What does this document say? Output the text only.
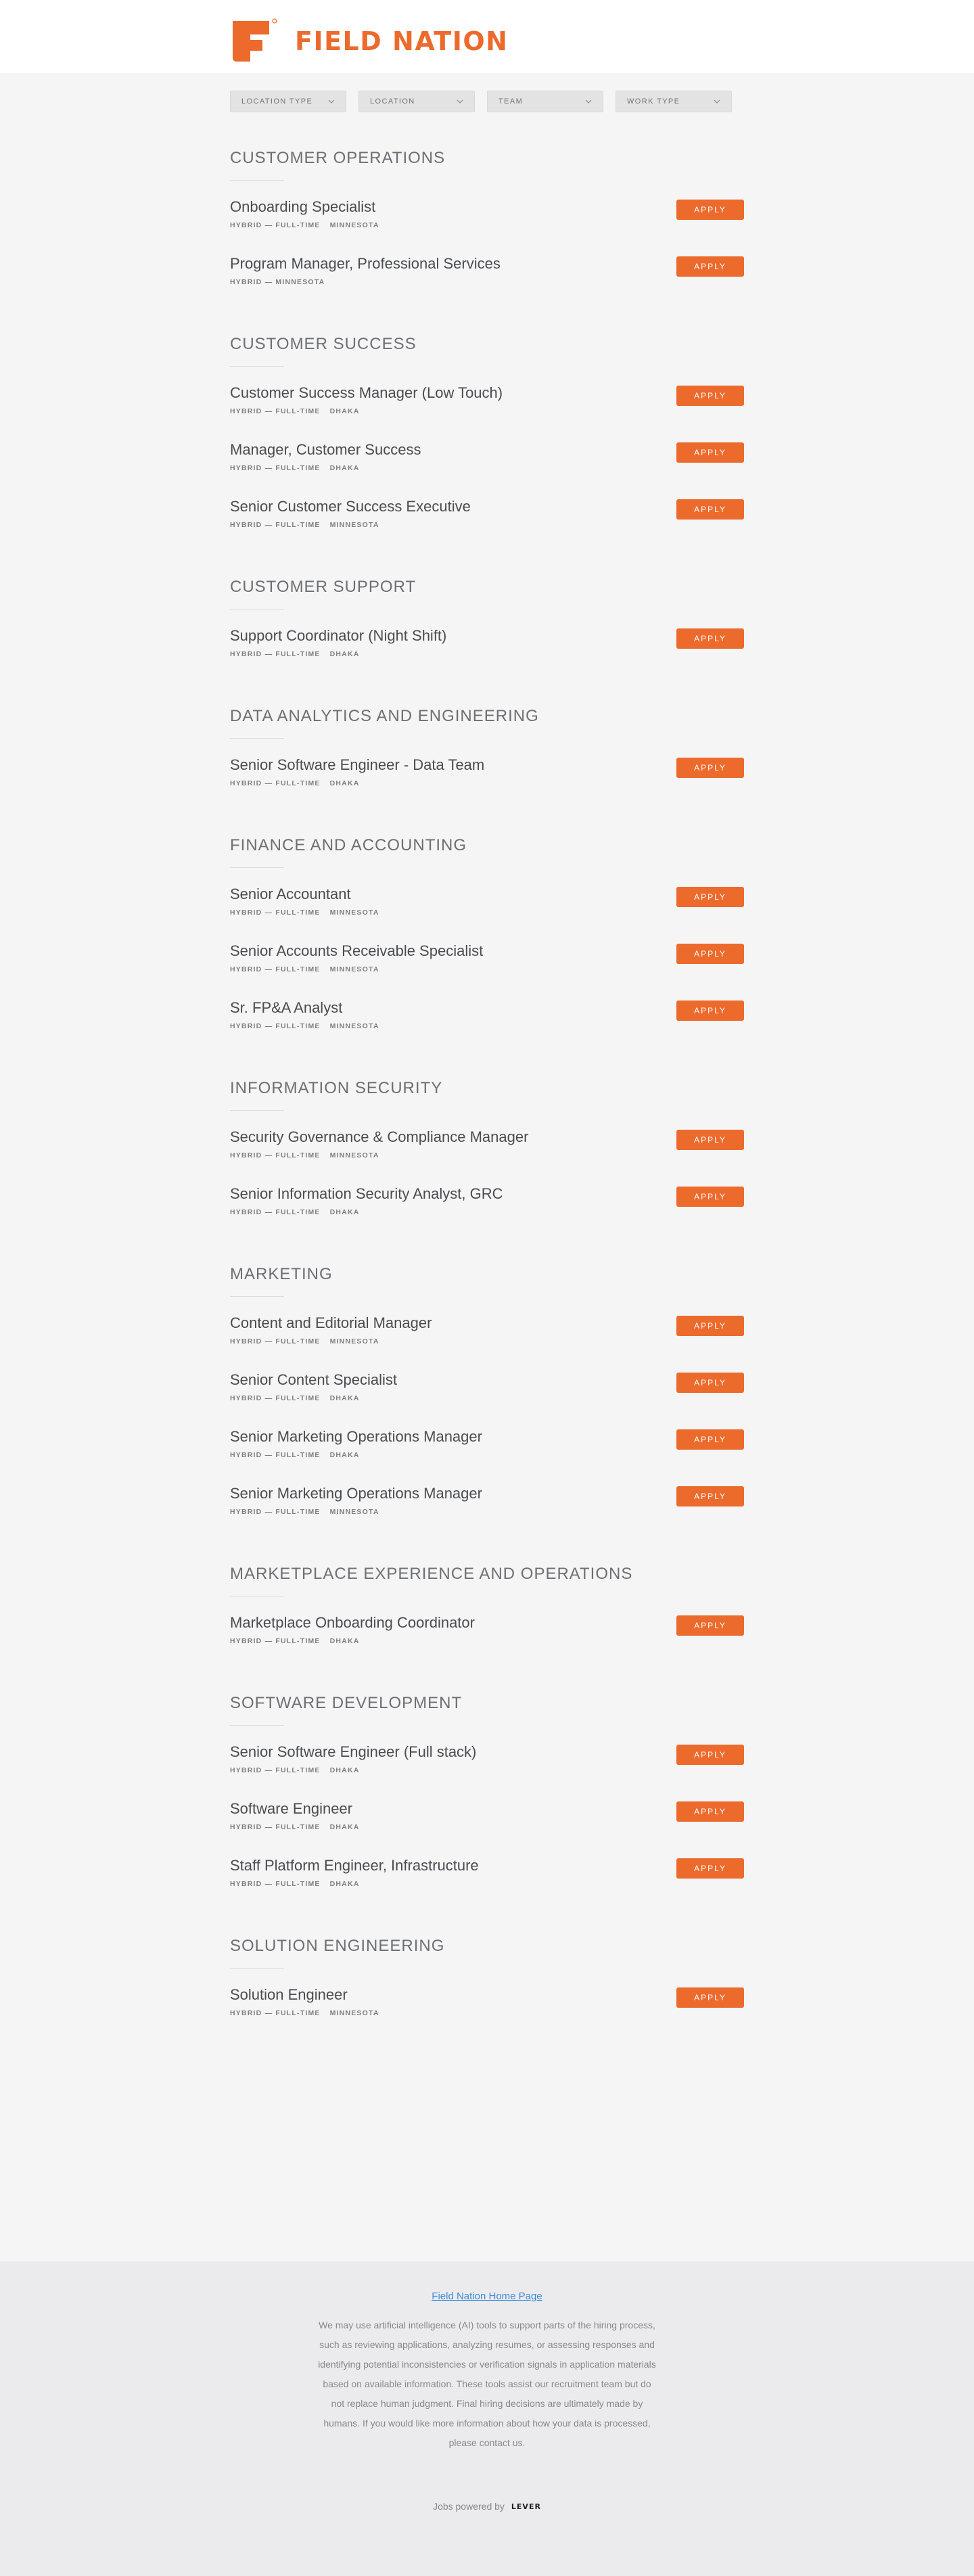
FIELD NATION
LOCATION TYPE	LOCATION	TEAM	WORK TYPE
CUSTOMER OPERATIONS
Onboarding Specialist
HYBRID — FULL-TIME MINNESOTA
APPLY
Program Manager, Professional Services
HYBRID — MINNESOTA
APPLY
CUSTOMER SUCCESS
Customer Success Manager (Low Touch)
HYBRID — FULL-TIME DHAKA
APPLY
Manager, Customer Success
HYBRID — FULL-TIME DHAKA
APPLY
Senior Customer Success Executive
HYBRID — FULL-TIME MINNESOTA
APPLY
CUSTOMER SUPPORT
Support Coordinator (Night Shift)
HYBRID — FULL-TIME DHAKA
APPLY
DATA ANALYTICS AND ENGINEERING
Senior Software Engineer - Data Team
HYBRID — FULL-TIME DHAKA
APPLY
FINANCE AND ACCOUNTING
Senior Accountant
HYBRID — FULL-TIME MINNESOTA
APPLY
Senior Accounts Receivable Specialist
HYBRID — FULL-TIME MINNESOTA
APPLY
Sr. FP&A Analyst
HYBRID — FULL-TIME MINNESOTA
APPLY
INFORMATION SECURITY
Security Governance & Compliance Manager
HYBRID — FULL-TIME MINNESOTA
APPLY
Senior Information Security Analyst, GRC
HYBRID — FULL-TIME DHAKA
APPLY
MARKETING
Content and Editorial Manager
HYBRID — FULL-TIME MINNESOTA
APPLY
Senior Content Specialist
HYBRID — FULL-TIME DHAKA
APPLY
Senior Marketing Operations Manager
HYBRID — FULL-TIME DHAKA
APPLY
Senior Marketing Operations Manager
HYBRID — FULL-TIME MINNESOTA
APPLY
MARKETPLACE EXPERIENCE AND OPERATIONS
Marketplace Onboarding Coordinator
HYBRID — FULL-TIME DHAKA
APPLY
SOFTWARE DEVELOPMENT
Senior Software Engineer (Full stack)
HYBRID — FULL-TIME DHAKA
APPLY
Software Engineer
HYBRID — FULL-TIME DHAKA
APPLY
Staff Platform Engineer, Infrastructure
HYBRID — FULL-TIME DHAKA
APPLY
SOLUTION ENGINEERING
Solution Engineer
HYBRID — FULL-TIME MINNESOTA
APPLY
Field Nation Home Page

We may use artificial intelligence (AI) tools to support parts of the hiring process, such as reviewing applications, analyzing resumes, or assessing responses and identifying potential inconsistencies or verification signals in application materials based on available information. These tools assist our recruitment team but do not replace human judgment. Final hiring decisions are ultimately made by humans. If you would like more information about how your data is processed, please contact us.

Jobs powered by LEVER
